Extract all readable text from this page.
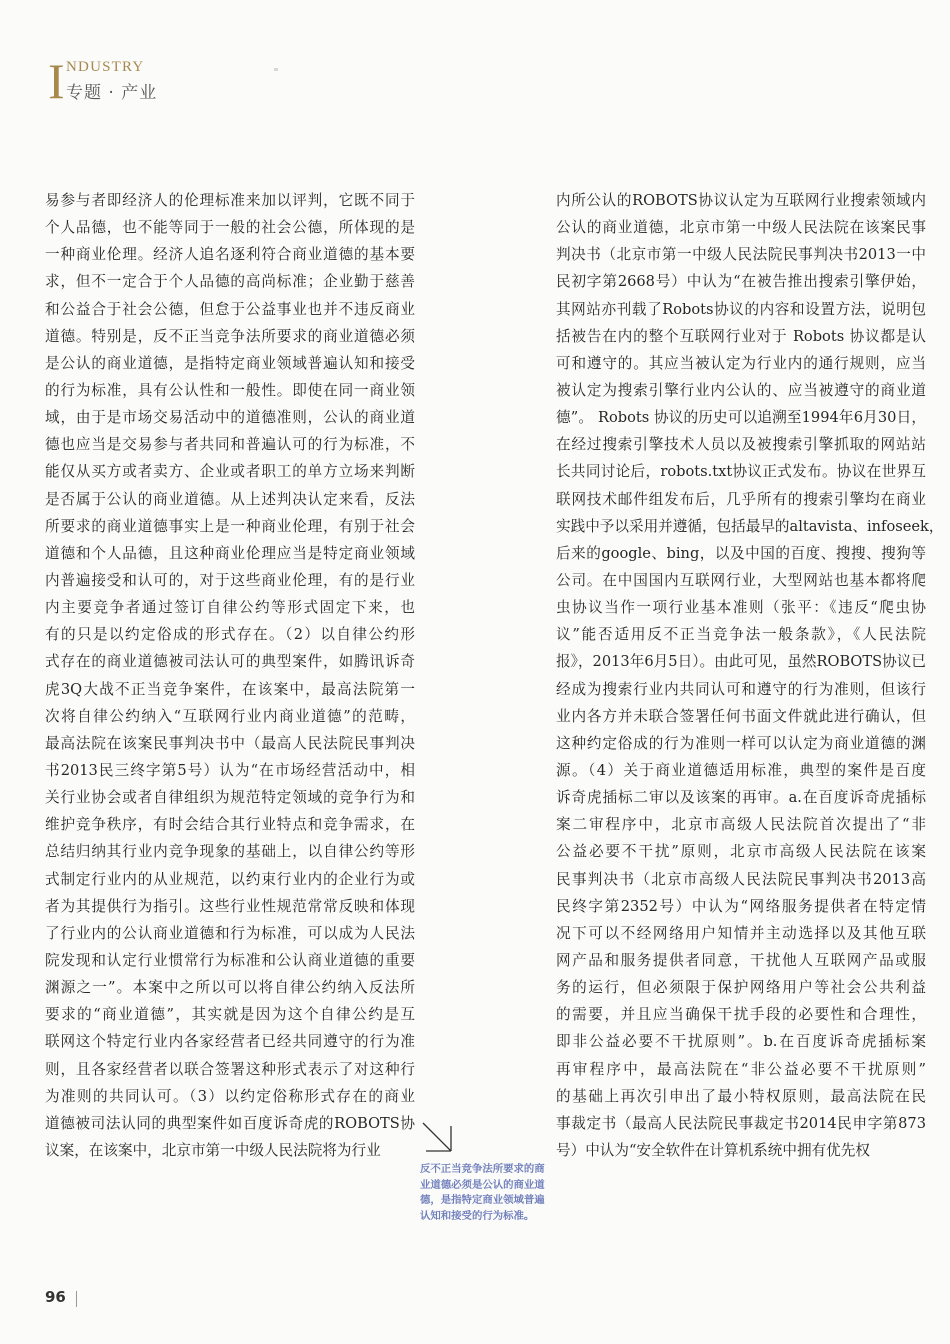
I NDUSTRY
专题 · 产业
易参与者即经济人的伦理标准来加以评判，它既不同于
个人品德，也不能等同于一般的社会公德，所体现的是
一种商业伦理。经济人追名逐利符合商业道德的基本要
求，但不一定合于个人品德的高尚标准；企业勤于慈善
和公益合于社会公德，但怠于公益事业也并不违反商业
道德。特别是，反不正当竞争法所要求的商业道德必须
是公认的商业道德，是指特定商业领域普遍认知和接受
的行为标准，具有公认性和一般性。即使在同一商业领
域，由于是市场交易活动中的道德准则，公认的商业道
德也应当是交易参与者共同和普遍认可的行为标准，不
能仅从买方或者卖方、企业或者职工的单方立场来判断
是否属于公认的商业道德。从上述判决认定来看，反法
所要求的商业道德事实上是一种商业伦理，有别于社会
道德和个人品德，且这种商业伦理应当是特定商业领域
内普遍接受和认可的，对于这些商业伦理，有的是行业
内主要竞争者通过签订自律公约等形式固定下来，也
有的只是以约定俗成的形式存在。（2）以自律公约形
式存在的商业道德被司法认可的典型案件，如腾讯诉奇
虎3Q大战不正当竞争案件，在该案中，最高法院第一
次将自律公约纳入“互联网行业内商业道德”的范畴，
最高法院在该案民事判决书中（最高人民法院民事判决
书2013民三终字第5号）认为“在市场经营活动中，相
关行业协会或者自律组织为规范特定领域的竞争行为和
维护竞争秩序，有时会结合其行业特点和竞争需求，在
总结归纳其行业内竞争现象的基础上，以自律公约等形
式制定行业内的从业规范，以约束行业内的企业行为或
者为其提供行为指引。这些行业性规范常常反映和体现
了行业内的公认商业道德和行为标准，可以成为人民法
院发现和认定行业惯常行为标准和公认商业道德的重要
渊源之一”。本案中之所以可以将自律公约纳入反法所
要求的“商业道德”，其实就是因为这个自律公约是互
联网这个特定行业内各家经营者已经共同遵守的行为准
则，且各家经营者以联合签署这种形式表示了对这种行
为准则的共同认可。（3）以约定俗称形式存在的商业
道德被司法认同的典型案件如百度诉奇虎的ROBOTS协
议案，在该案中，北京市第一中级人民法院将为行业
内所公认的ROBOTS协议认定为互联网行业搜索领域内
公认的商业道德，北京市第一中级人民法院在该案民事
判决书（北京市第一中级人民法院民事判决书2013一中
民初字第2668号）中认为“在被告推出搜索引擎伊始，
其网站亦刊载了Robots协议的内容和设置方法，说明包
括被告在内的整个互联网行业对于 Robots 协议都是认
可和遵守的。其应当被认定为行业内的通行规则，应当
被认定为搜索引擎行业内公认的、应当被遵守的商业道
德”。 Robots 协议的历史可以追溯至1994年6月30日，
在经过搜索引擎技术人员以及被搜索引擎抓取的网站站
长共同讨论后，robots.txt协议正式发布。协议在世界互
联网技术邮件组发布后，几乎所有的搜索引擎均在商业
实践中予以采用并遵循，包括最早的altavista、infoseek，
后来的google、bing，以及中国的百度、搜搜、搜狗等
公司。在中国国内互联网行业，大型网站也基本都将爬
虫协议当作一项行业基本准则（张平：《违反“爬虫协
议”能否适用反不正当竞争法一般条款》，《人民法院
报》，2013年6月5日）。由此可见，虽然ROBOTS协议已
经成为搜索行业内共同认可和遵守的行为准则，但该行
业内各方并未联合签署任何书面文件就此进行确认，但
这种约定俗成的行为准则一样可以认定为商业道德的渊
源。（4）关于商业道德适用标准，典型的案件是百度
诉奇虎插标二审以及该案的再审。a.在百度诉奇虎插标
案二审程序中，北京市高级人民法院首次提出了“非
公益必要不干扰”原则，北京市高级人民法院在该案
民事判决书（北京市高级人民法院民事判决书2013高
民终字第2352号）中认为“网络服务提供者在特定情
况下可以不经网络用户知情并主动选择以及其他互联
网产品和服务提供者同意，干扰他人互联网产品或服
务的运行，但必须限于保护网络用户等社会公共利益
的需要，并且应当确保干扰手段的必要性和合理性，
即非公益必要不干扰原则”。b.在百度诉奇虎插标案
再审程序中，最高法院在“非公益必要不干扰原则”
的基础上再次引申出了最小特权原则，最高法院在民
事裁定书（最高人民法院民事裁定书2014民申字第873
号）中认为“安全软件在计算机系统中拥有优先权
反不正当竞争法所要求的商业道德必须是公认的商业道德，是指特定商业领域普遍认知和接受的行为标准。
96
